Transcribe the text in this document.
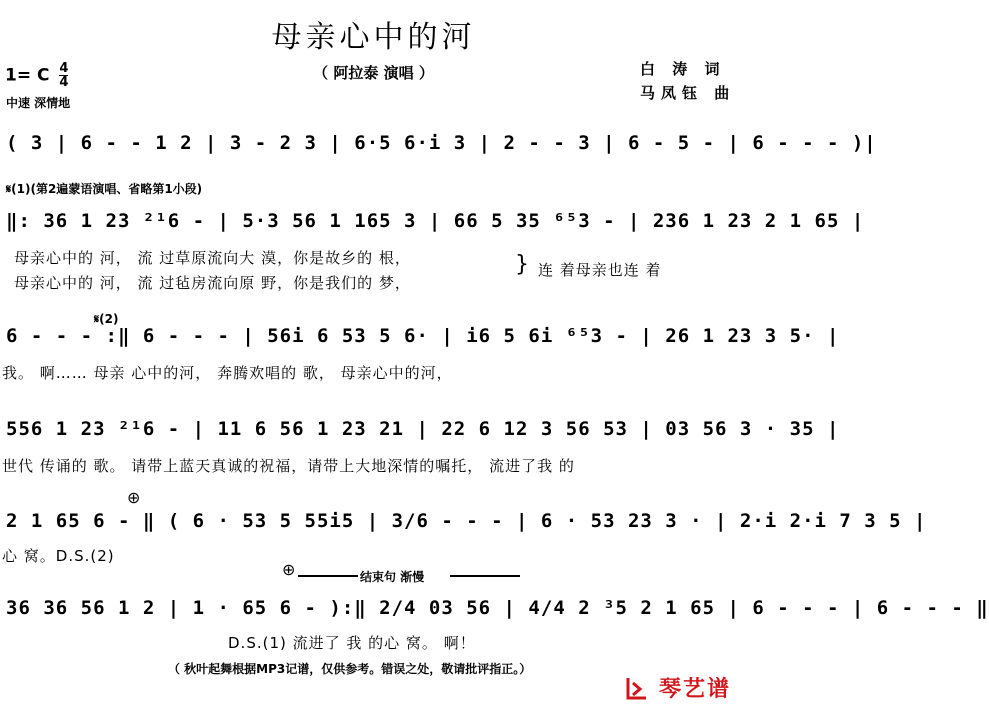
母亲心中的河
（ 阿拉泰 演唱 ）	白 涛 词
马凤钰 曲
1= C $\frac{4}{4}$
中速 深情地
( 3 | 6 - - 1 2 | 3 - 2 3 | 6·5 6·i 3 | 2 - - 3 | 6 - 5 - | 6 - - - )|
𝄋(1)(第2遍蒙语演唱、省略第1小段)
‖: 36 1 23 ²¹6 - | 5·3 56 1 165 3 | 66 5 35 ⁶⁵3 - | 236 1 23 2 1 65 |
母亲心中的 河， 流 过草原流向大 漠，你是故乡的 根，
母亲心中的 河， 流 过毡房流向原 野，你是我们的 梦，
} 连 着母亲也连 着
𝄋(2)
6 - - - :‖ 6 - - - | 56i 6 53 5 6· | i6 5 6i ⁶⁵3 - | 26 1 23 3 5· |
我。 啊…… 母亲 心中的河， 奔腾欢唱的 歌， 母亲心中的河，
556 1 23 ²¹6 - | 11 6 56 1 23 21 | 22 6 12 3 56 53 | 03 56 3 · 35 |
世代 传诵的 歌。 请带上蓝天真诚的祝福，请带上大地深情的嘱托， 流进了我 的
⊕
2 1 65 6 - ‖ ( 6 · 53 5 55i5 | 3/6 - - - | 6 · 53 23 3 · | 2·i 2·i 7 3 5 |
心 窝。D.S.(2)
⊕	结束句 渐慢
36 36 56 1 2 | 1 · 65 6 - ):‖ 2/4 03 56 | 4/4 2 ³5 2 1 65 | 6 - - - | 6 - - - ‖
D.S.(1) 流进了 我 的心 窝。 啊！
（ 秋叶起舞根据MP3记谱，仅供参考。错误之处，敬请批评指正。）
琴艺谱
